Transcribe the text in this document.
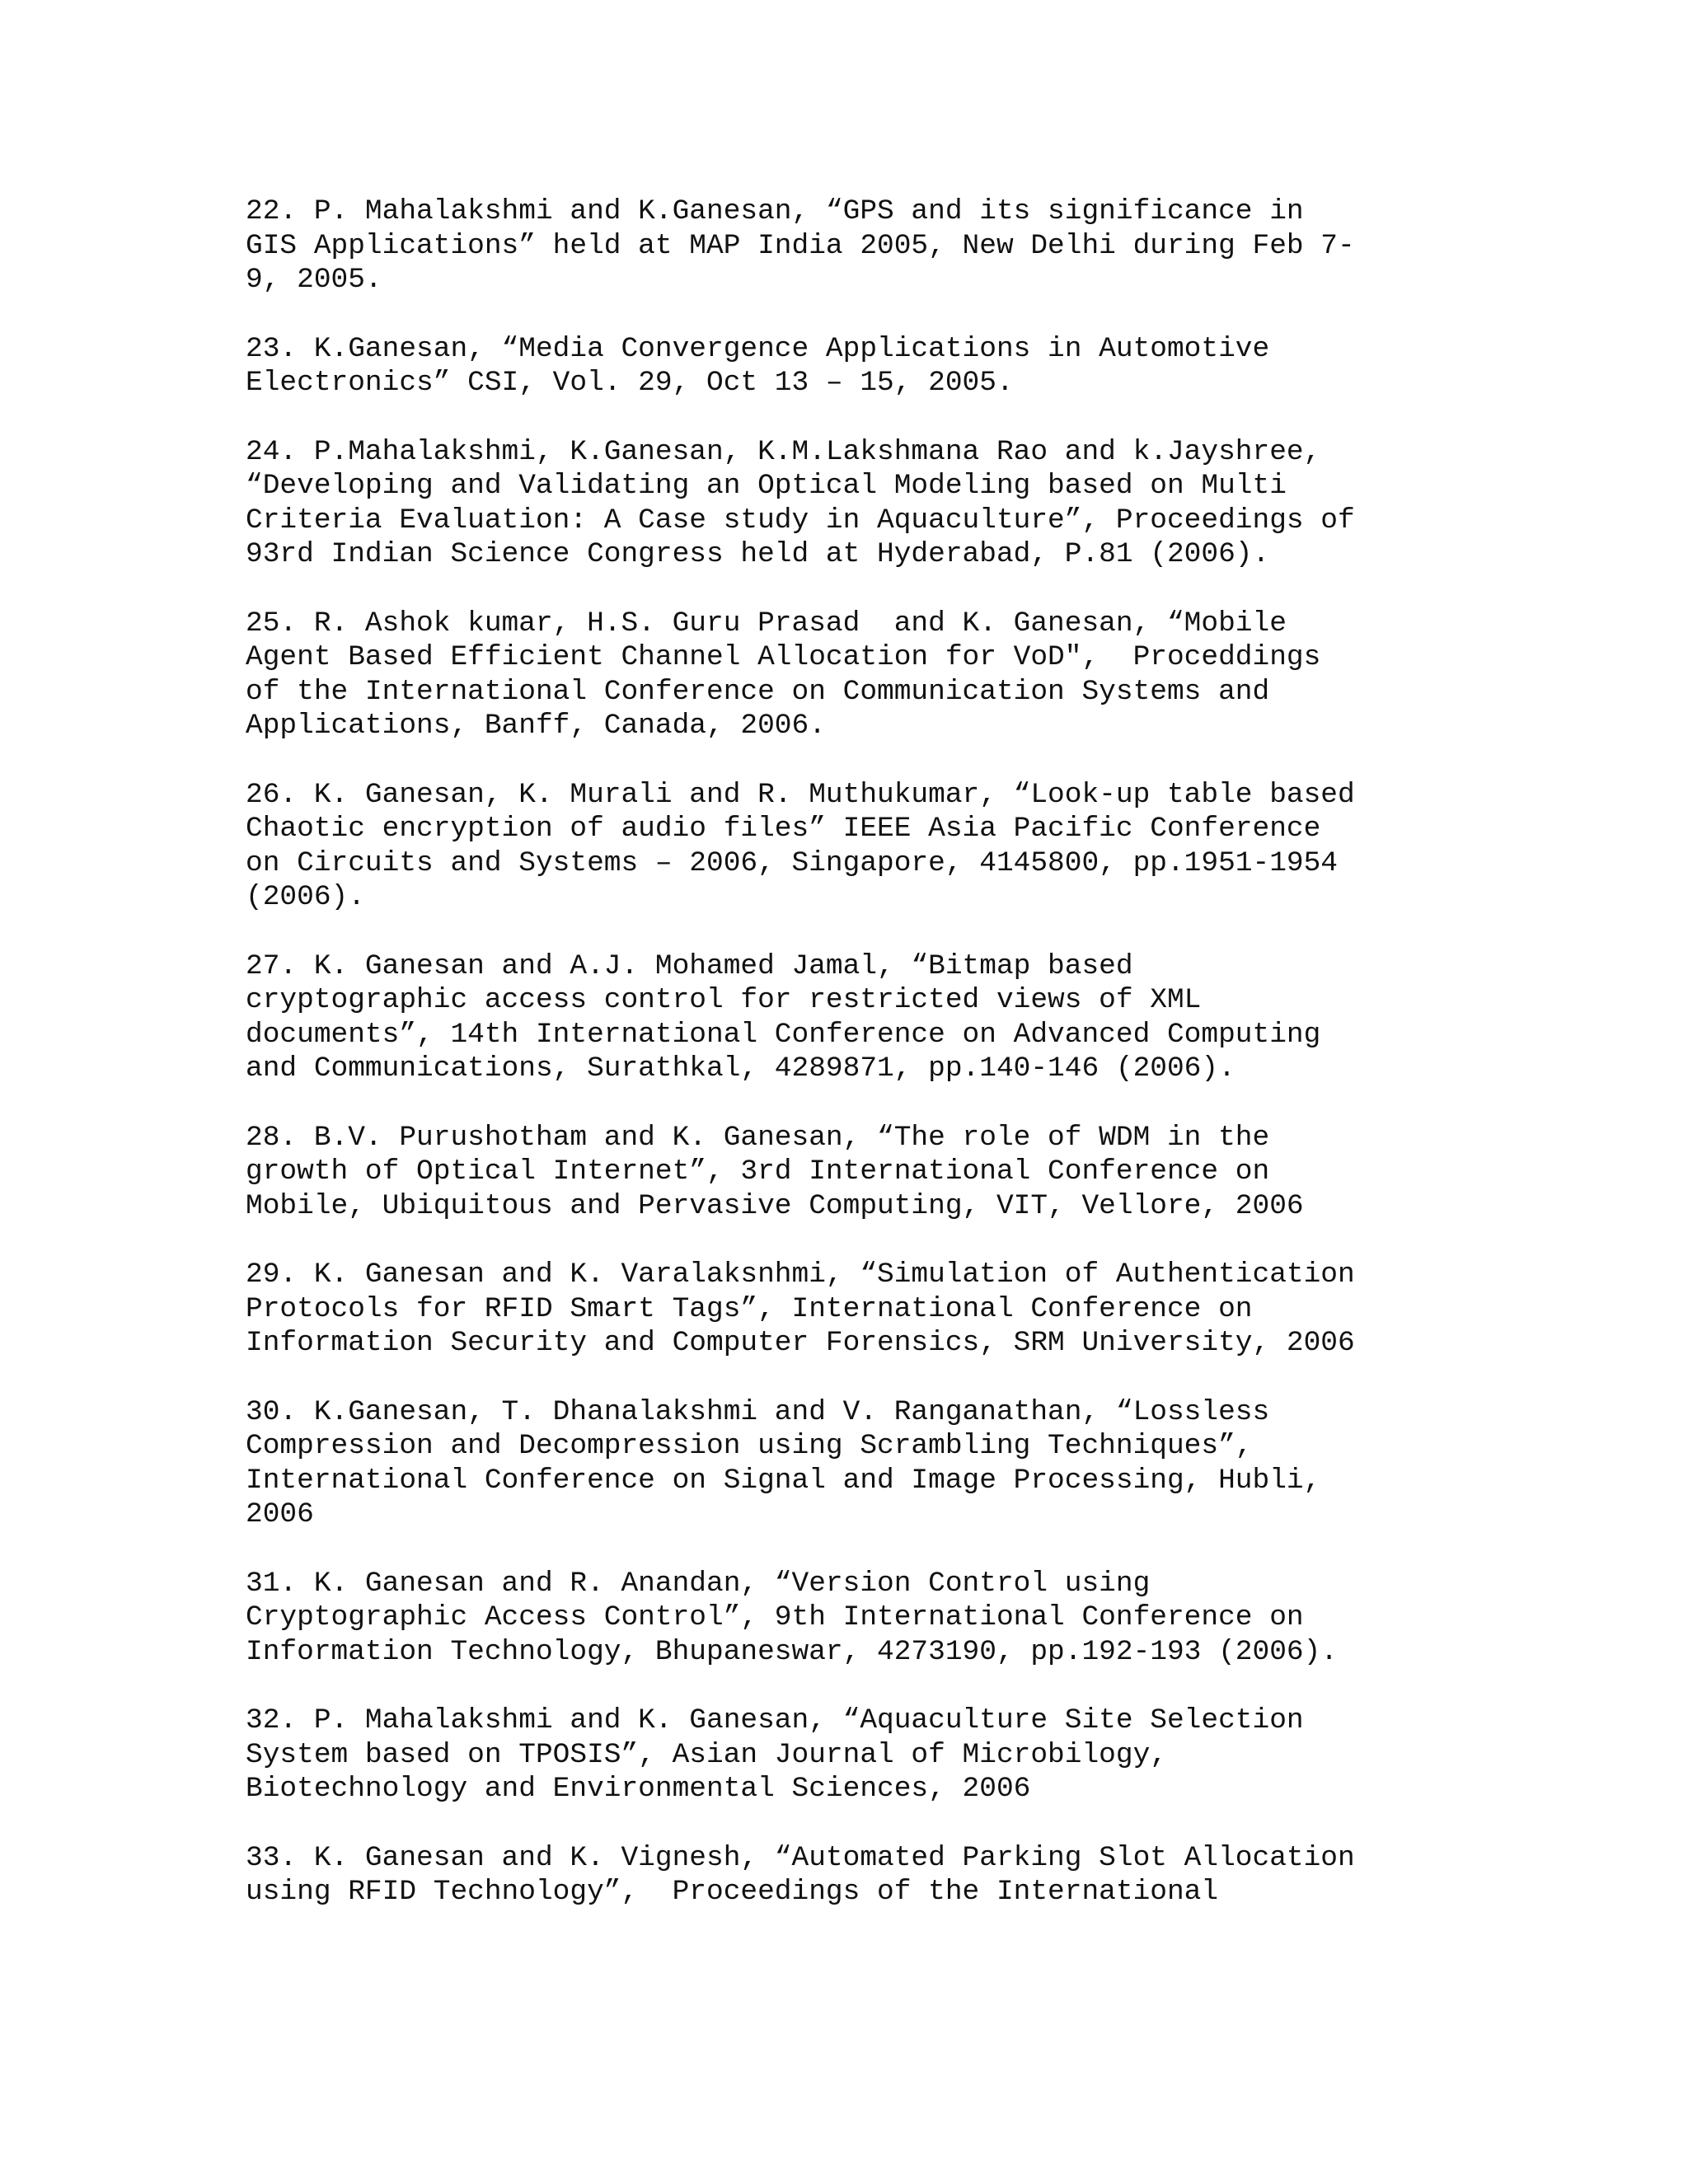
22. P. Mahalakshmi and K.Ganesan, “GPS and its significance in
GIS Applications” held at MAP India 2005, New Delhi during Feb 7-
9, 2005.
23. K.Ganesan, “Media Convergence Applications in Automotive
Electronics” CSI, Vol. 29, Oct 13 – 15, 2005.
24. P.Mahalakshmi, K.Ganesan, K.M.Lakshmana Rao and k.Jayshree,
“Developing and Validating an Optical Modeling based on Multi
Criteria Evaluation: A Case study in Aquaculture”, Proceedings of
93rd Indian Science Congress held at Hyderabad, P.81 (2006).
25. R. Ashok kumar, H.S. Guru Prasad  and K. Ganesan, “Mobile
Agent Based Efficient Channel Allocation for VoD",  Proceddings
of the International Conference on Communication Systems and
Applications, Banff, Canada, 2006.
26. K. Ganesan, K. Murali and R. Muthukumar, “Look-up table based
Chaotic encryption of audio files” IEEE Asia Pacific Conference
on Circuits and Systems – 2006, Singapore, 4145800, pp.1951-1954
(2006).
27. K. Ganesan and A.J. Mohamed Jamal, “Bitmap based
cryptographic access control for restricted views of XML
documents”, 14th International Conference on Advanced Computing
and Communications, Surathkal, 4289871, pp.140-146 (2006).
28. B.V. Purushotham and K. Ganesan, “The role of WDM in the
growth of Optical Internet”, 3rd International Conference on
Mobile, Ubiquitous and Pervasive Computing, VIT, Vellore, 2006
29. K. Ganesan and K. Varalaksnhmi, “Simulation of Authentication
Protocols for RFID Smart Tags”, International Conference on
Information Security and Computer Forensics, SRM University, 2006
30. K.Ganesan, T. Dhanalakshmi and V. Ranganathan, “Lossless
Compression and Decompression using Scrambling Techniques”,
International Conference on Signal and Image Processing, Hubli,
2006
31. K. Ganesan and R. Anandan, “Version Control using
Cryptographic Access Control”, 9th International Conference on
Information Technology, Bhupaneswar, 4273190, pp.192-193 (2006).
32. P. Mahalakshmi and K. Ganesan, “Aquaculture Site Selection
System based on TPOSIS”, Asian Journal of Microbilogy,
Biotechnology and Environmental Sciences, 2006
33. K. Ganesan and K. Vignesh, “Automated Parking Slot Allocation
using RFID Technology”,  Proceedings of the International
